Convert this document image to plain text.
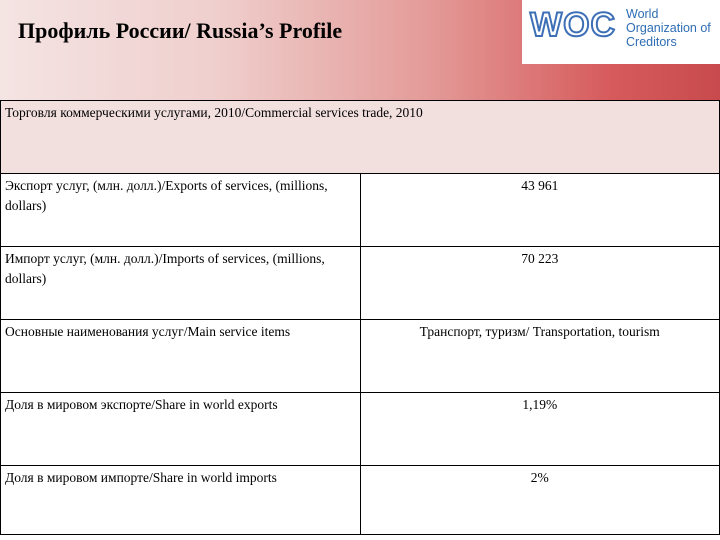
Профиль России/ Russia’s Profile	WOC World
Organization of
Creditors
Торговля коммерческими услугами, 2010/Commercial services trade, 2010	
Экспорт услуг, (млн. долл.)/Exports of services, (millions, dollars)	43 961
Импорт услуг, (млн. долл.)/Imports of services, (millions, dollars)	70 223
Основные наименования услуг/Main service items	Транспорт, туризм/ Transportation, tourism
Доля в мировом экспорте/Share in world exports	1,19%
Доля в мировом импорте/Share in world imports	2%
